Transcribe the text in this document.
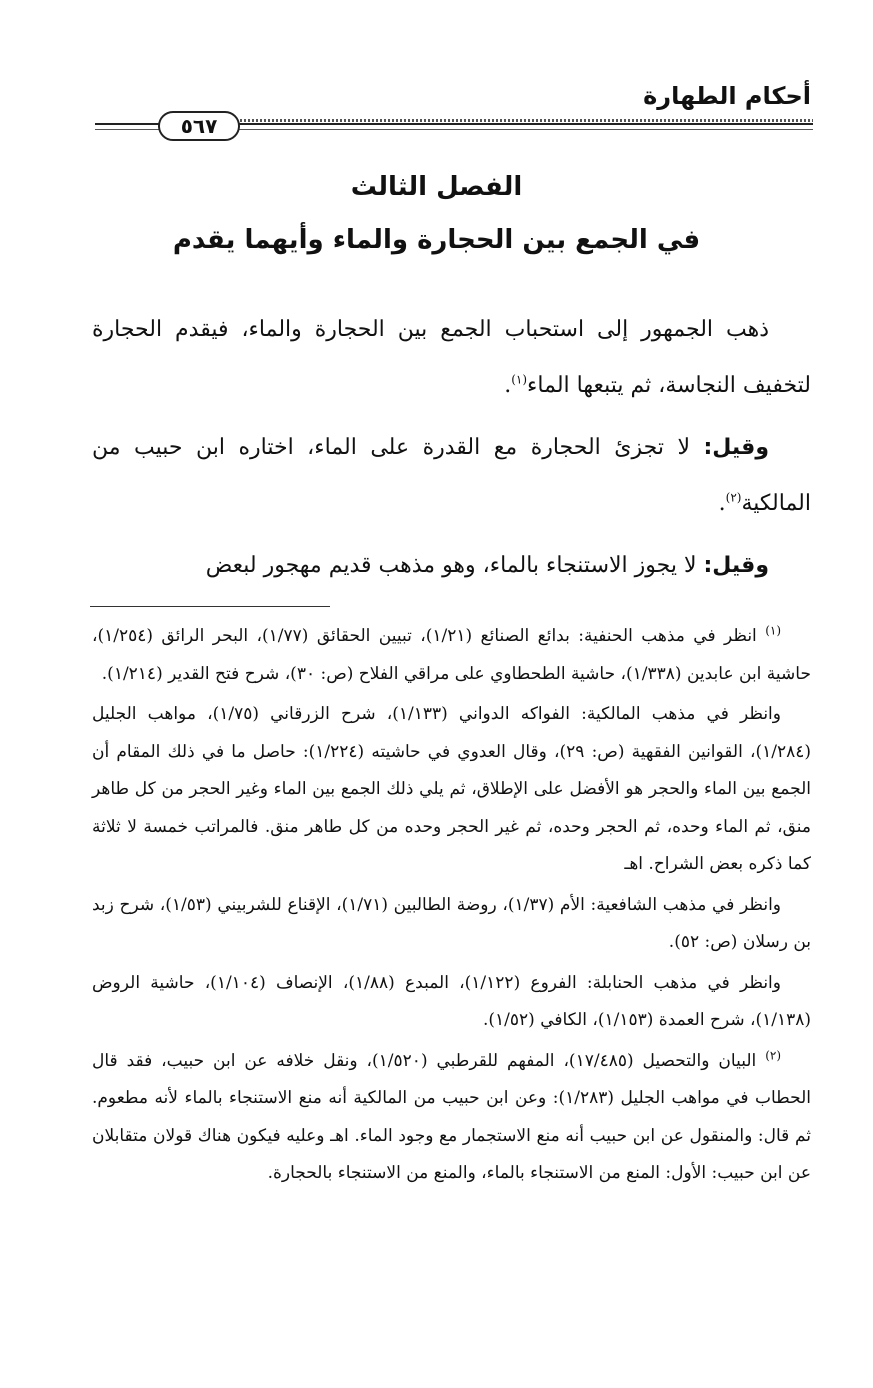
أحكام الطهارة
٥٦٧
الفصل الثالث
في الجمع بين الحجارة والماء وأيهما يقدم

ذهب الجمهور إلى استحباب الجمع بين الحجارة والماء، فيقدم الحجارة لتخفيف النجاسة، ثم يتبعها الماء$^{(١)}$.

وقيل: لا تجزئ الحجارة مع القدرة على الماء، اختاره ابن حبيب من المالكية$^{(٢)}$.

وقيل: لا يجوز الاستنجاء بالماء، وهو مذهب قديم مهجور لبعض

$^{(١)}$ انظر في مذهب الحنفية: بدائع الصنائع (١/٢١)، تبيين الحقائق (١/٧٧)، البحر الرائق (١/٢٥٤)، حاشية ابن عابدين (١/٣٣٨)، حاشية الطحطاوي على مراقي الفلاح (ص: ٣٠)، شرح فتح القدير (١/٢١٤).

وانظر في مذهب المالكية: الفواكه الدواني (١/١٣٣)، شرح الزرقاني (١/٧٥)، مواهب الجليل (١/٢٨٤)، القوانين الفقهية (ص: ٢٩)، وقال العدوي في حاشيته (١/٢٢٤): حاصل ما في ذلك المقام أن الجمع بين الماء والحجر هو الأفضل على الإطلاق، ثم يلي ذلك الجمع بين الماء وغير الحجر من كل طاهر منق، ثم الماء وحده، ثم الحجر وحده، ثم غير الحجر وحده من كل طاهر منق. فالمراتب خمسة لا ثلاثة كما ذكره بعض الشراح. اهـ

وانظر في مذهب الشافعية: الأم (١/٣٧)، روضة الطالبين (١/٧١)، الإقناع للشربيني (١/٥٣)، شرح زبد بن رسلان (ص: ٥٢).

وانظر في مذهب الحنابلة: الفروع (١/١٢٢)، المبدع (١/٨٨)، الإنصاف (١/١٠٤)، حاشية الروض (١/١٣٨)، شرح العمدة (١/١٥٣)، الكافي (١/٥٢).

$^{(٢)}$ البيان والتحصيل (١٧/٤٨٥)، المفهم للقرطبي (١/٥٢٠)، ونقل خلافه عن ابن حبيب، فقد قال الحطاب في مواهب الجليل (١/٢٨٣): وعن ابن حبيب من المالكية أنه منع الاستنجاء بالماء لأنه مطعوم. ثم قال: والمنقول عن ابن حبيب أنه منع الاستجمار مع وجود الماء. اهـ وعليه فيكون هناك قولان متقابلان عن ابن حبيب: الأول: المنع من الاستنجاء بالماء، والمنع من الاستنجاء بالحجارة.
